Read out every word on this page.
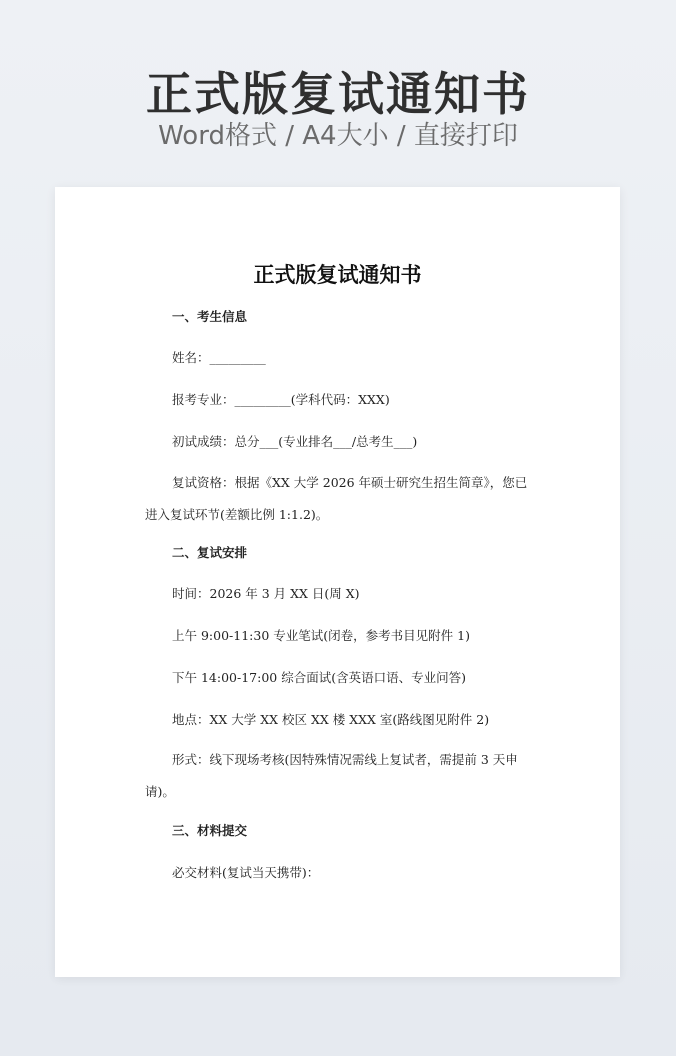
正式版复试通知书
Word格式 / A4大小 / 直接打印
正式版复试通知书
一、考生信息
姓名：_________
报考专业：_________(学科代码：XXX)
初试成绩：总分___(专业排名___/总考生___)
复试资格：根据《XX 大学 2026 年硕士研究生招生简章》，您已进入复试环节(差额比例 1:1.2)。
二、复试安排
时间：2026 年 3 月 XX 日(周 X)
上午 9:00-11:30 专业笔试(闭卷，参考书目见附件 1)
下午 14:00-17:00 综合面试(含英语口语、专业问答)
地点：XX 大学 XX 校区 XX 楼 XXX 室(路线图见附件 2)
形式：线下现场考核(因特殊情况需线上复试者，需提前 3 天申请)。
三、材料提交
必交材料(复试当天携带)：
